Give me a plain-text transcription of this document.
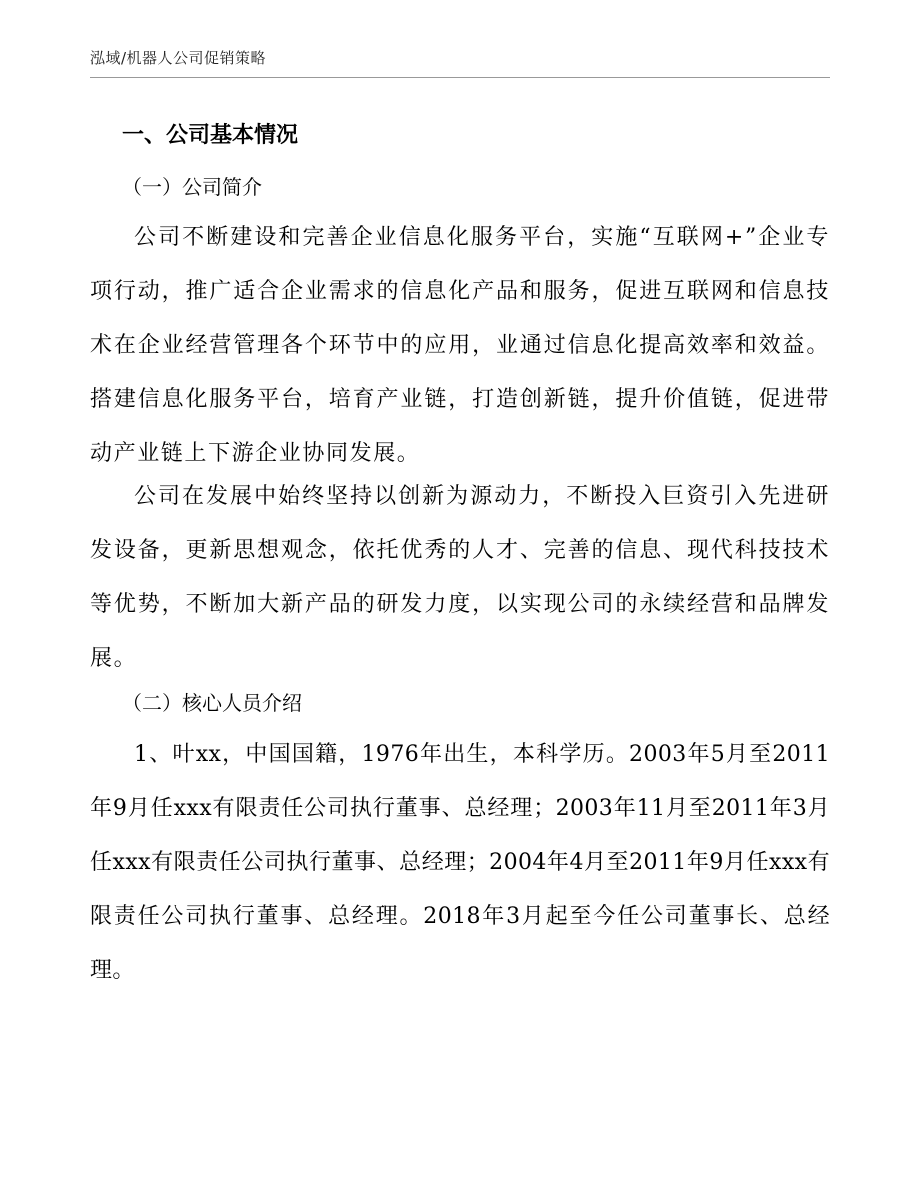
泓域/机器人公司促销策略
一、公司基本情况
（一）公司简介

公司不断建设和完善企业信息化服务平台，实施“互联网+”企业专项行动，推广适合企业需求的信息化产品和服务，促进互联网和信息技术在企业经营管理各个环节中的应用，业通过信息化提高效率和效益。搭建信息化服务平台，培育产业链，打造创新链，提升价值链，促进带动产业链上下游企业协同发展。

公司在发展中始终坚持以创新为源动力，不断投入巨资引入先进研发设备，更新思想观念，依托优秀的人才、完善的信息、现代科技技术等优势，不断加大新产品的研发力度，以实现公司的永续经营和品牌发展。

（二）核心人员介绍

1、叶xx，中国国籍，1976年出生，本科学历。2003年5月至2011年9月任xxx有限责任公司执行董事、总经理；2003年11月至2011年3月任xxx有限责任公司执行董事、总经理；2004年4月至2011年9月任xxx有限责任公司执行董事、总经理。2018年3月起至今任公司董事长、总经理。
